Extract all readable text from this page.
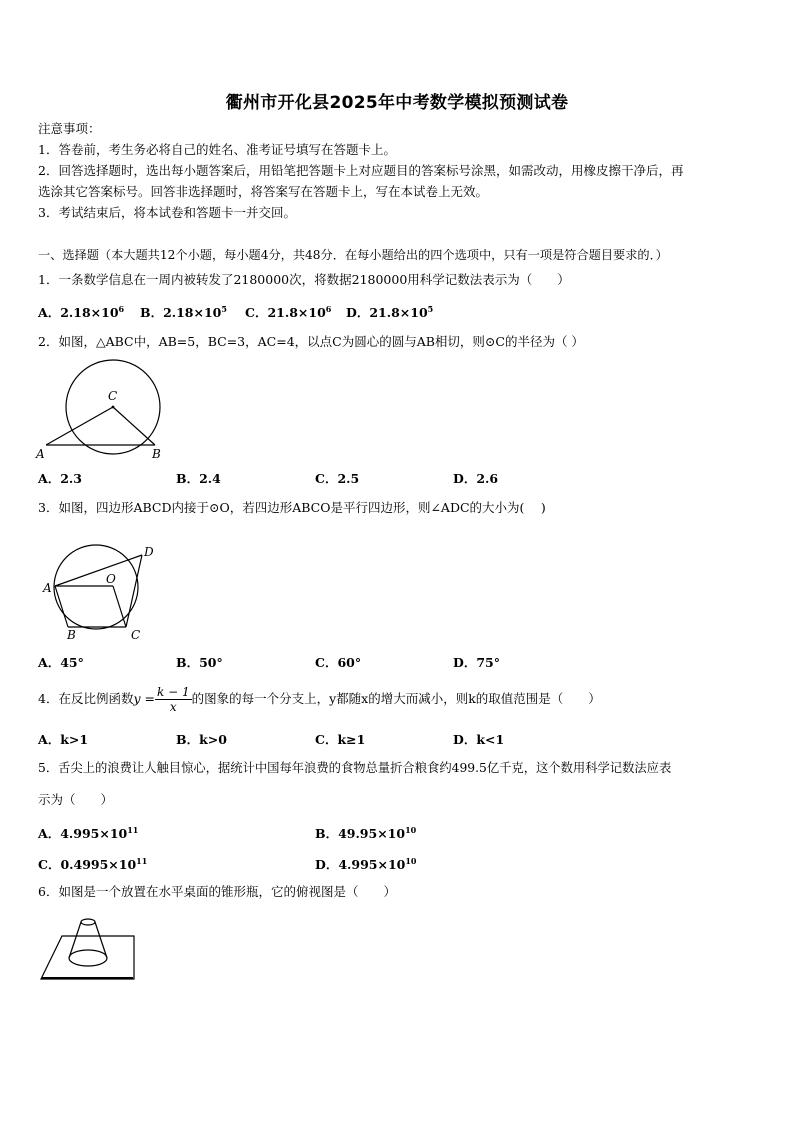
衢州市开化县2025年中考数学模拟预测试卷
注意事项：
1．答卷前，考生务必将自己的姓名、准考证号填写在答题卡上。
2．回答选择题时，选出每小题答案后，用铅笔把答题卡上对应题目的答案标号涂黑，如需改动，用橡皮擦干净后，再
选涂其它答案标号。回答非选择题时，将答案写在答题卡上，写在本试卷上无效。
3．考试结束后，将本试卷和答题卡一并交回。
一、选择题（本大题共12个小题，每小题4分，共48分．在每小题给出的四个选项中，只有一项是符合题目要求的．）
1．一条数学信息在一周内被转发了2180000次，将数据2180000用科学记数法表示为（　　）
A．$2.18\times 10^6$ B．$2.18\times 10^5$ C．$21.8\times 10^6$ D．$21.8\times 10^5$
2．如图，△ABC中，AB=5，BC=3，AC=4，以点C为圆心的圆与AB相切，则⊙C的半径为（ ）
C
A	B
A．2.3	B．2.4	C．2.5	D．2.6
3．如图，四边形ABCD内接于⊙O，若四边形ABCO是平行四边形，则∠ADC的大小为(　 )
O
A
B	C
D
A．45°	B．50°	C．60°	D．75°
4．在反比例函数$y = \frac{k - 1}{x}$ 的图象的每一个分支上，y都随x的增大而减小，则k的取值范围是（　　）
A．k>1	B．k>0	C．k≥1	D．k<1
5．舌尖上的浪费让人触目惊心，据统计中国每年浪费的食物总量折合粮食约499.5亿千克，这个数用科学记数法应表
示为（　　）
A．$4.995\times 10^{11}$	B．$49.95\times 10^{10}$
C．$0.4995\times 10^{11}$	D．$4.995\times 10^{10}$
6．如图是一个放置在水平桌面的锥形瓶，它的俯视图是（　　）
